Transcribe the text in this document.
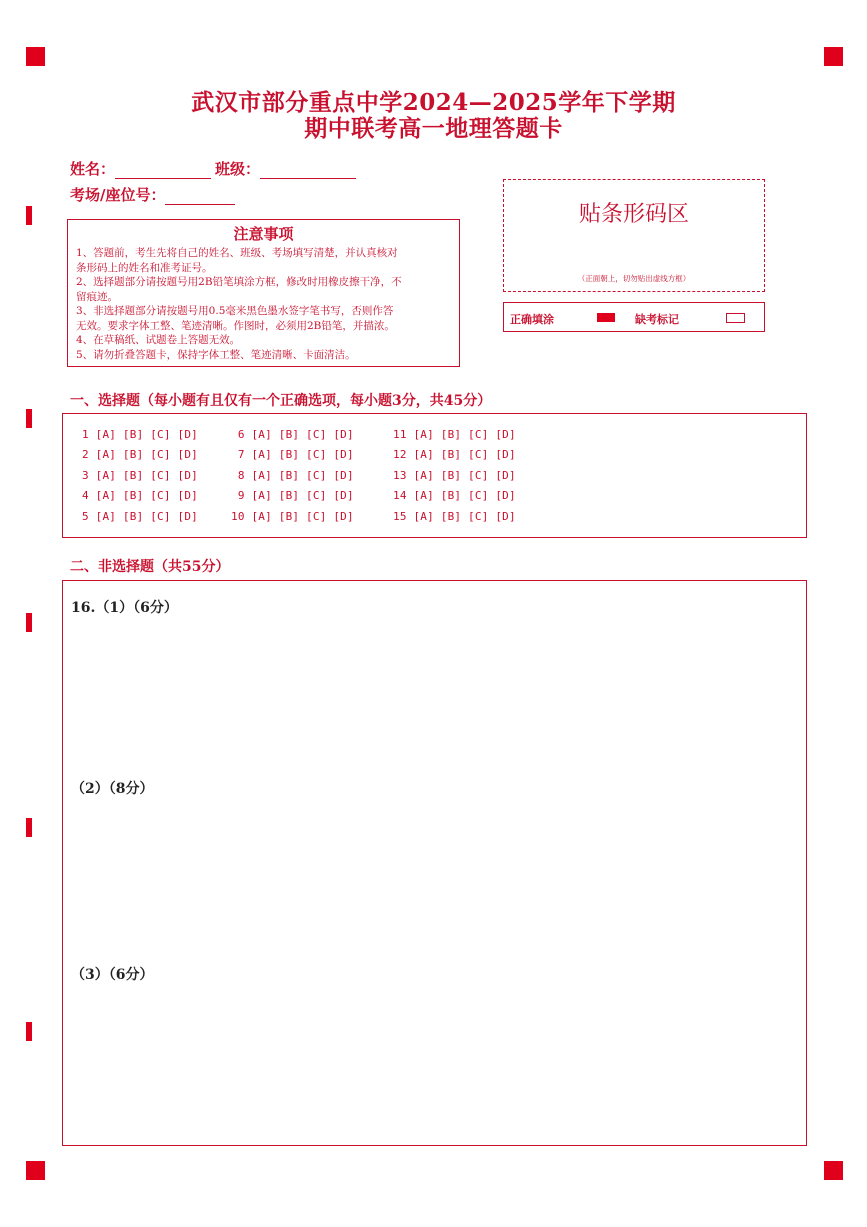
武汉市部分重点中学2024—2025学年下学期
期中联考高一地理答题卡
姓名：	班级：
考场/座位号：
注意事项
1、答题前，考生先将自己的姓名、班级、考场填写清楚，并认真核对
条形码上的姓名和准考证号。
2、选择题部分请按题号用2B铅笔填涂方框，修改时用橡皮擦干净，不
留痕迹。
3、非选择题部分请按题号用0.5毫米黑色墨水签字笔书写，否则作答
无效。要求字体工整、笔迹清晰。作图时，必须用2B铅笔，并描浓。
4、在草稿纸、试题卷上答题无效。
5、请勿折叠答题卡，保持字体工整、笔迹清晰、卡面清洁。
贴条形码区
（正面朝上，切勿贴出虚线方框）
正确填涂	缺考标记
一、选择题（每小题有且仅有一个正确选项，每小题3分，共45分）
1 [A] [B] [C] [D]	6 [A] [B] [C] [D]	11 [A] [B] [C] [D]
2 [A] [B] [C] [D]	7 [A] [B] [C] [D]	12 [A] [B] [C] [D]
3 [A] [B] [C] [D]	8 [A] [B] [C] [D]	13 [A] [B] [C] [D]
4 [A] [B] [C] [D]	9 [A] [B] [C] [D]	14 [A] [B] [C] [D]
5 [A] [B] [C] [D]	10 [A] [B] [C] [D]	15 [A] [B] [C] [D]
二、非选择题（共55分）
16.（1）（6分）
（2）（8分）
（3）（6分）
